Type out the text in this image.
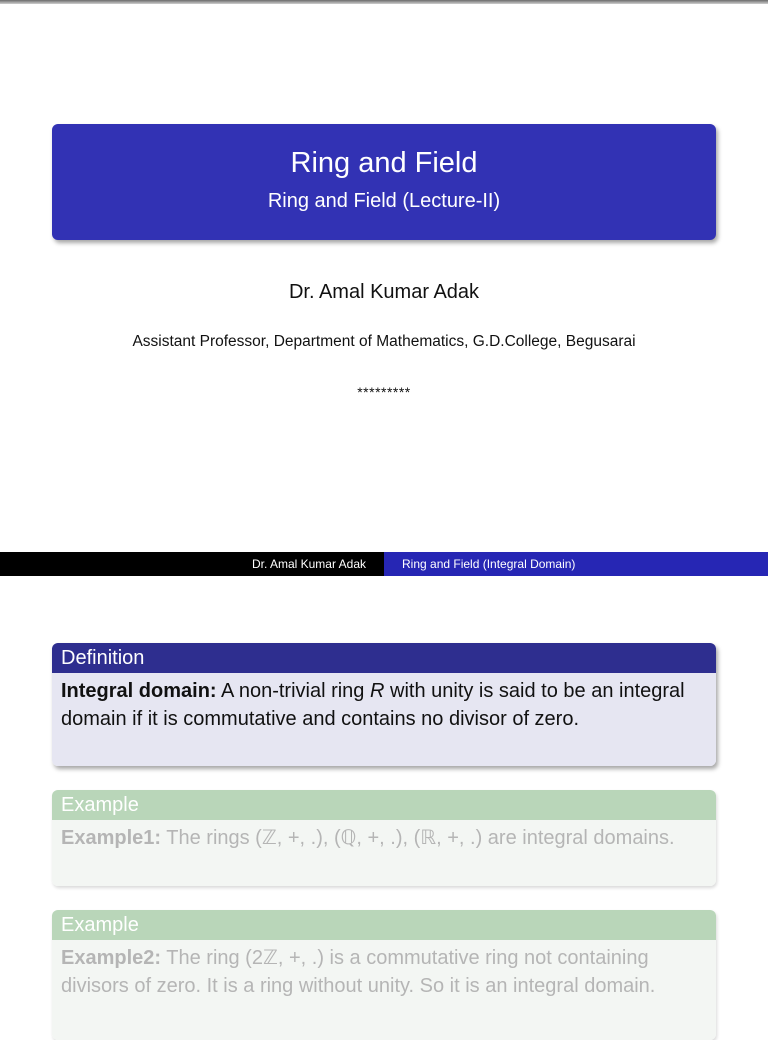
Ring and Field
Ring and Field (Lecture-II)
Dr. Amal Kumar Adak
Assistant Professor, Department of Mathematics, G.D.College, Begusarai
*********
Dr. Amal Kumar Adak	Ring and Field (Integral Domain)
Definition
Integral domain: A non-trivial ring R with unity is said to be an integral domain if it is commutative and contains no divisor of zero.
Example
Example1: The rings (ℤ, +, .), (ℚ, +, .), (ℝ, +, .) are integral domains.
Example
Example2: The ring (2ℤ, +, .) is a commutative ring not containing divisors of zero. It is a ring without unity. So it is an integral domain.
